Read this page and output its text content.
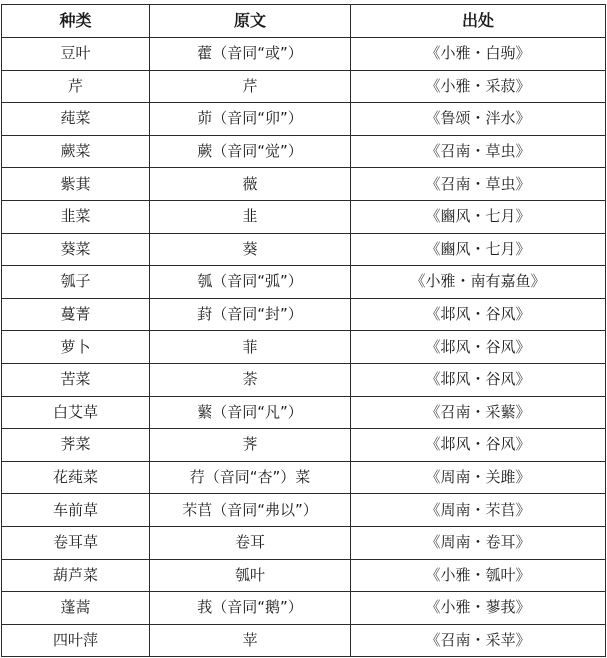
种类	原文	出处
豆叶	藿（音同“或”）	《小雅・白驹》
芹	芹	《小雅・采菽》
莼菜	茆（音同“卯”）	《鲁颂・泮水》
蕨菜	蕨（音同“觉”）	《召南・草虫》
紫萁	薇	《召南・草虫》
韭菜	韭	《豳风・七月》
葵菜	葵	《豳风・七月》
瓠子	瓠（音同“弧”）	《小雅・南有嘉鱼》
蔓菁	葑（音同“封”）	《邶风・谷风》
萝卜	菲	《邶风・谷风》
苦菜	荼	《邶风・谷风》
白艾草	蘩（音同“凡”）	《召南・采蘩》
荠菜	荠	《邶风・谷风》
花莼菜	荇（音同“杏”）菜	《周南・关雎》
车前草	芣苢（音同“弗以”）	《周南・芣苢》
卷耳草	卷耳	《周南・卷耳》
葫芦菜	瓠叶	《小雅・瓠叶》
蓬蒿	莪（音同“鹅”）	《小雅・蓼莪》
四叶萍	苹	《召南・采苹》
